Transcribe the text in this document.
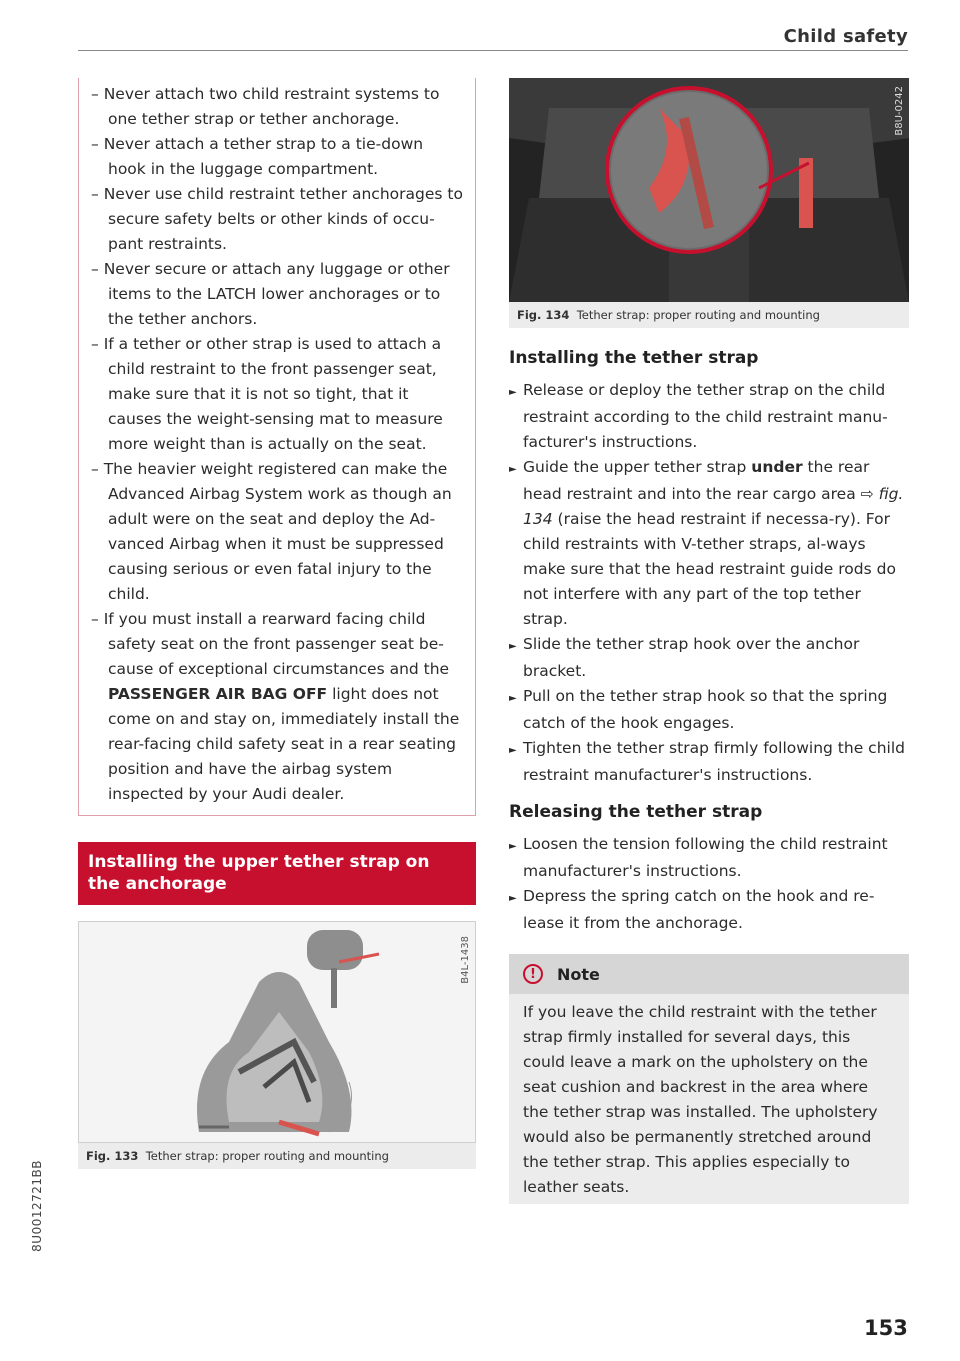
Child safety
– Never attach two child restraint systems to one tether strap or tether anchorage.
– Never attach a tether strap to a tie-down hook in the luggage compartment.
– Never use child restraint tether anchorages to secure safety belts or other kinds of occu-pant restraints.
– Never secure or attach any luggage or other items to the LATCH lower anchorages or to the tether anchors.
– If a tether or other strap is used to attach a child restraint to the front passenger seat, make sure that it is not so tight, that it causes the weight-sensing mat to measure more weight than is actually on the seat.
– The heavier weight registered can make the Advanced Airbag System work as though an adult were on the seat and deploy the Ad-vanced Airbag when it must be suppressed causing serious or even fatal injury to the child.
– If you must install a rearward facing child safety seat on the front passenger seat be-cause of exceptional circumstances and the PASSENGER AIR BAG OFF light does not come on and stay on, immediately install the rear-facing child safety seat in a rear seating position and have the airbag system inspected by your Audi dealer.
Installing the upper tether strap on the anchorage
B4L-1438
Fig. 133 Tether strap: proper routing and mounting
B8U-0242
Fig. 134 Tether strap: proper routing and mounting
Installing the tether strap
► Release or deploy the tether strap on the child restraint according to the child restraint manu-facturer's instructions.
► Guide the upper tether strap under the rear head restraint and into the rear cargo area ⇨ fig. 134 (raise the head restraint if necessa-ry). For child restraints with V-tether straps, al-ways make sure that the head restraint guide rods do not interfere with any part of the top tether strap.
► Slide the tether strap hook over the anchor bracket.
► Pull on the tether strap hook so that the spring catch of the hook engages.
► Tighten the tether strap firmly following the child restraint manufacturer's instructions.
Releasing the tether strap
► Loosen the tension following the child restraint manufacturer's instructions.
► Depress the spring catch on the hook and re-lease it from the anchorage.
!	Note
If you leave the child restraint with the tether strap firmly installed for several days, this could leave a mark on the upholstery on the seat cushion and backrest in the area where the tether strap was installed. The upholstery would also be permanently stretched around the tether strap. This applies especially to leather seats.
8U0012721BB
153
